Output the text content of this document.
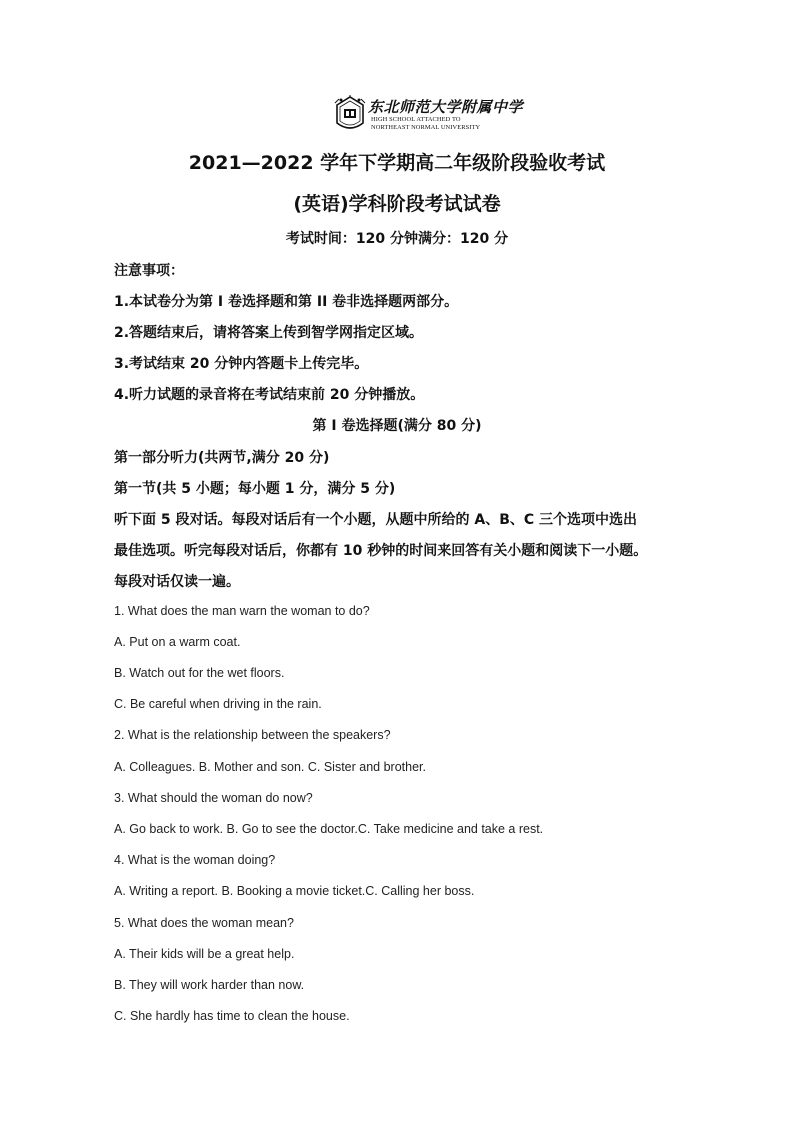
东北师范大学附属中学
HIGH SCHOOL ATTACHED TO
NORTHEAST NORMAL UNIVERSITY
2021—2022 学年下学期高二年级阶段验收考试
(英语)学科阶段考试试卷
考试时间：120 分钟满分：120 分
注意事项：
1.本试卷分为第 I 卷选择题和第 II 卷非选择题两部分。
2.答题结束后，请将答案上传到智学网指定区域。
3.考试结束 20 分钟内答题卡上传完毕。
4.听力试题的录音将在考试结束前 20 分钟播放。
第 I 卷选择题(满分 80 分)
第一部分听力(共两节,满分 20 分)
第一节(共 5 小题；每小题 1 分，满分 5 分)
听下面 5 段对话。每段对话后有一个小题，从题中所给的 A、B、C 三个选项中选出
最佳选项。听完每段对话后，你都有 10 秒钟的时间来回答有关小题和阅读下一小题。
每段对话仅读一遍。
1. What does the man warn the woman to do?
A. Put on a warm coat.
B. Watch out for the wet floors.
C. Be careful when driving in the rain.
2. What is the relationship between the speakers?
A. Colleagues. B. Mother and son. C. Sister and brother.
3. What should the woman do now?
A. Go back to work. B. Go to see the doctor.C. Take medicine and take a rest.
4. What is the woman doing?
A. Writing a report. B. Booking a movie ticket.C. Calling her boss.
5. What does the woman mean?
A. Their kids will be a great help.
B. They will work harder than now.
C. She hardly has time to clean the house.
